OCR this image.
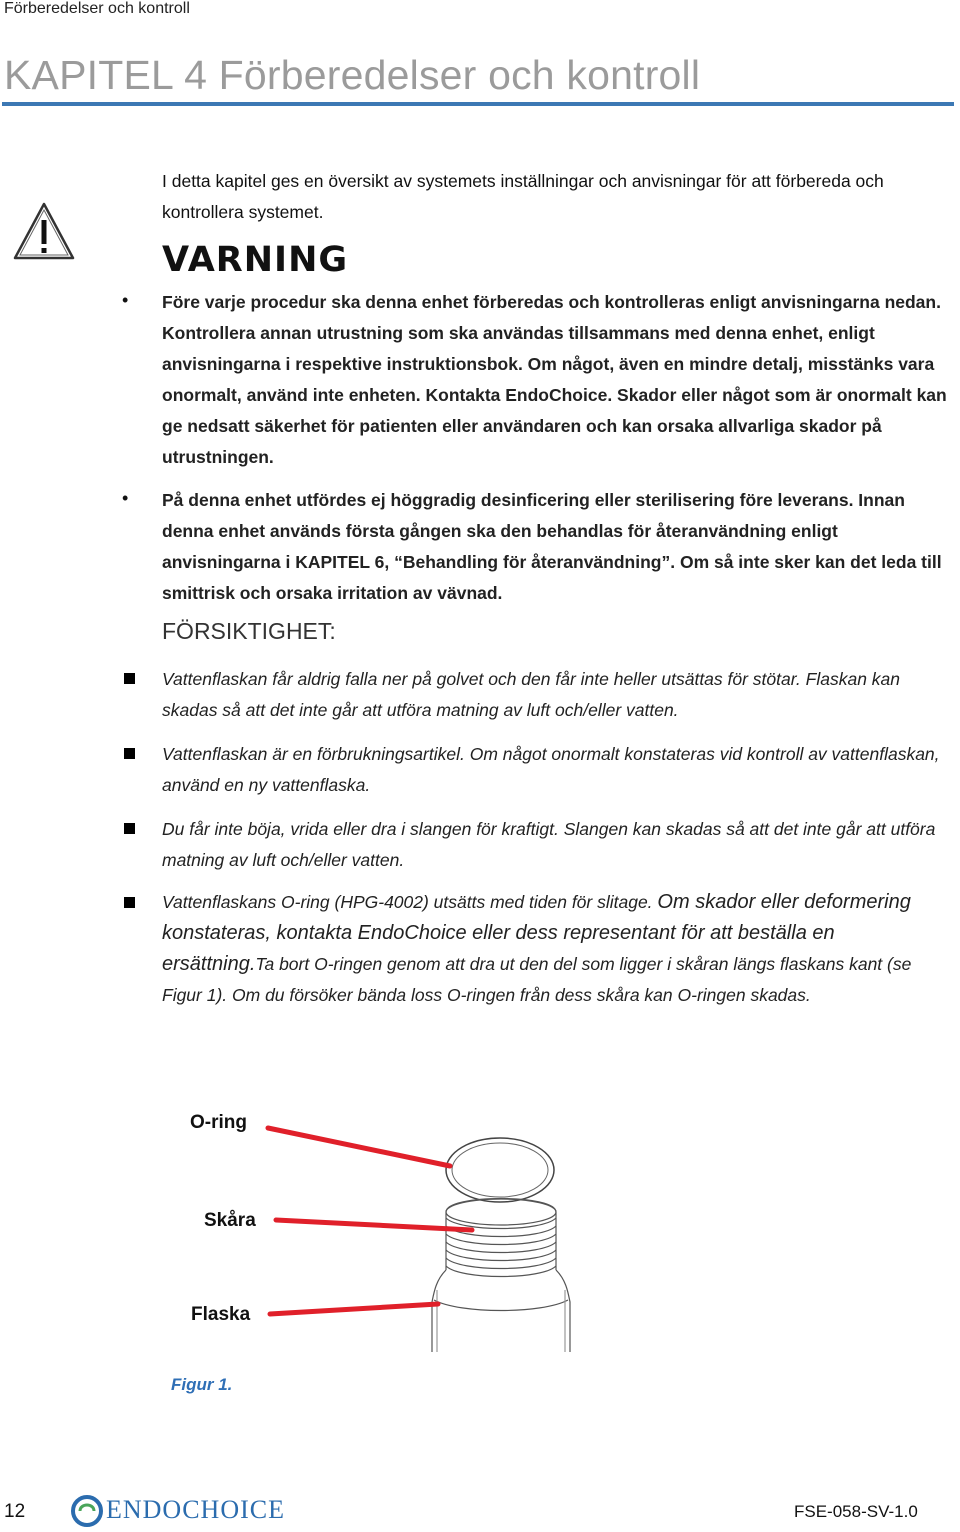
Förberedelser och kontroll
KAPITEL 4 Förberedelser och kontroll
I detta kapitel ges en översikt av systemets inställningar och anvisningar för att förbereda och kontrollera systemet.
VARNING
• Före varje procedur ska denna enhet förberedas och kontrolleras enligt anvisningarna nedan. Kontrollera annan utrustning som ska användas tillsammans med denna enhet, enligt anvisningarna i respektive instruktionsbok. Om något, även en mindre detalj, misstänks vara onormalt, använd inte enheten. Kontakta EndoChoice. Skador eller något som är onormalt kan ge nedsatt säkerhet för patienten eller användaren och kan orsaka allvarliga skador på utrustningen.
• På denna enhet utfördes ej höggradig desinficering eller sterilisering före leverans. Innan denna enhet används första gången ska den behandlas för återanvändning enligt anvisningarna i KAPITEL 6, “Behandling för återanvändning”. Om så inte sker kan det leda till smittrisk och orsaka irritation av vävnad.
FÖRSIKTIGHET:
Vattenflaskan får aldrig falla ner på golvet och den får inte heller utsättas för stötar. Flaskan kan skadas så att det inte går att utföra matning av luft och/eller vatten.
Vattenflaskan är en förbrukningsartikel. Om något onormalt konstateras vid kontroll av vattenflaskan, använd en ny vattenflaska.
Du får inte böja, vrida eller dra i slangen för kraftigt. Slangen kan skadas så att det inte går att utföra matning av luft och/eller vatten.
Vattenflaskans O-ring (HPG-4002) utsätts med tiden för slitage. Om skador eller deformering konstateras, kontakta EndoChoice eller dess representant för att beställa en ersättning.Ta bort O-ringen genom att dra ut den del som ligger i skåran längs flaskans kant (se Figur 1). Om du försöker bända loss O-ringen från dess skåra kan O-ringen skadas.
O-ring
Skåra
Flaska
Figur 1.
12	ENDOCHOICE	FSE-058-SV-1.0
